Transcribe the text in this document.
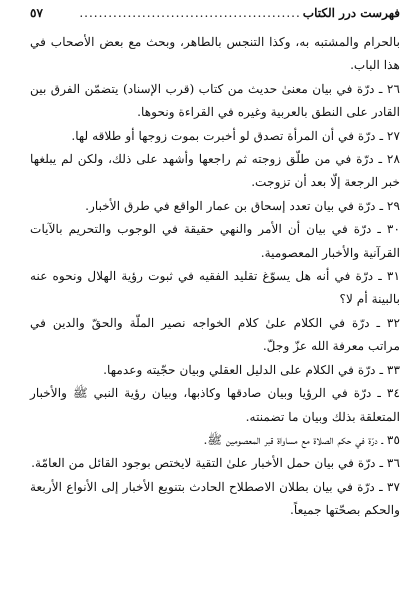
فهرست درر الكتاب
..............................................
٥٧

بالحرام والمشتبه به، وكذا التنجس بالطاهر، وبحث مع بعض الأصحاب في هذا الباب.

٢٦ ـ درّة في بيان معنىٰ حديث من كتاب (قرب الإسناد) يتضمّن الفرق بين القادر على النطق بالعربية وغيره في القراءة ونحوها.

٢٧ ـ درّة في أن المرأة تصدق لو أخبرت بموت زوجها أو طلاقه لها.

٢٨ ـ درّة في من طلّق زوجته ثم راجعها وأشهد على ذلك، ولكن لم يبلغها خبر الرجعة إلّا بعد أن تزوجت.

٢٩ ـ درّة في بيان تعدد إسحاق بن عمار الواقع في طرق الأخبار.

٣٠ ـ درّة في بيان أن الأمر والنهي حقيقة في الوجوب والتحريم بالآيات القرآنية والأخبار المعصومية.

٣١ ـ درّة في أنه هل يسوّغ تقليد الفقيه في ثبوت رؤية الهلال ونحوه عنه بالبينة أم لا؟

٣٢ ـ درّة في الكلام علىٰ كلام الخواجه نصير الملّة والحقّ والدين في مراتب معرفة الله عزّ وجلّ.

٣٣ ـ درّة في الكلام على الدليل العقلي وبيان حجّيته وعدمها.

٣٤ ـ درّة في الرؤيا وبيان صادقها وكاذبها، وبيان رؤية النبي ﷺ والأخبار المتعلقة بذلك وبيان ما تضمنته.

٣٥ ـ درّة في حكم الصلاة مع مساواة قبر المعصومين ﷺ.

٣٦ ـ درّة في بيان حمل الأخبار علىٰ التقية لايختص بوجود القائل من العامّة.

٣٧ ـ درّة في بيان بطلان الاصطلاح الحادث بتنويع الأخبار إلى الأنواع الأربعة والحكم بصحّتها جميعاً.
